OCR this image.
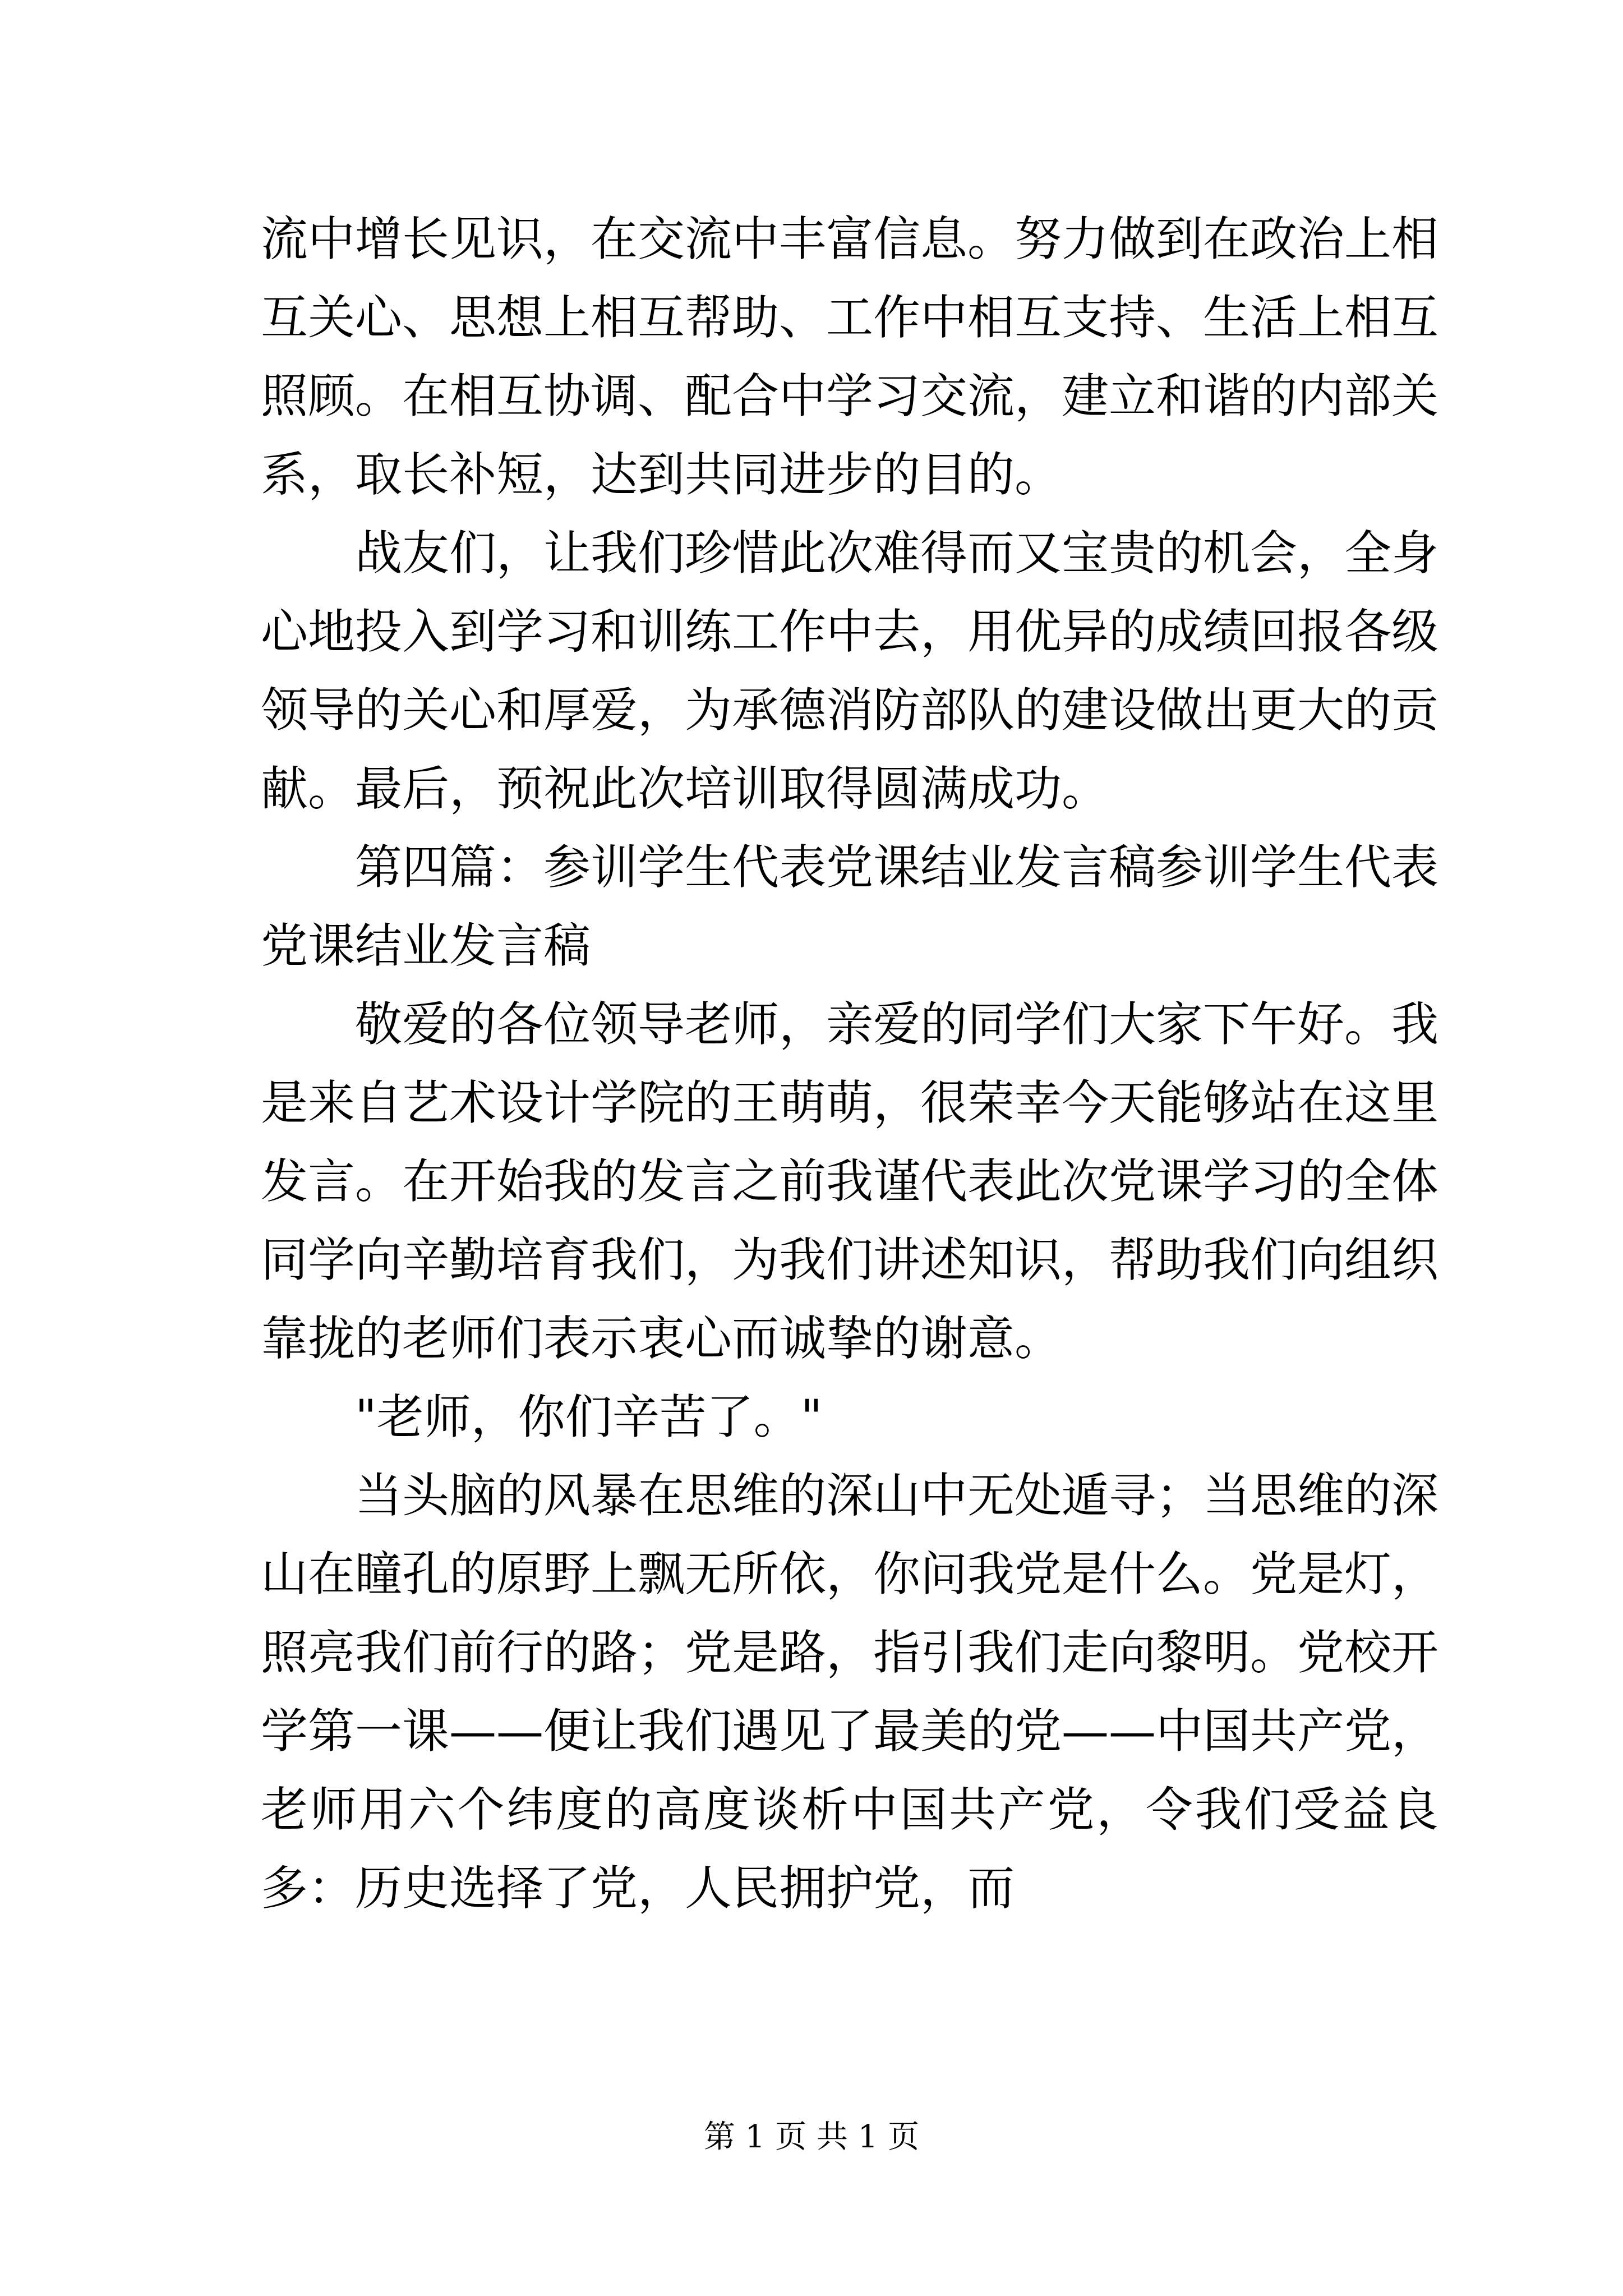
流中增长见识，在交流中丰富信息。努力做到在政治上相互关心、思想上相互帮助、工作中相互支持、生活上相互照顾。在相互协调、配合中学习交流，建立和谐的内部关系，取长补短，达到共同进步的目的。

战友们，让我们珍惜此次难得而又宝贵的机会，全身心地投入到学习和训练工作中去，用优异的成绩回报各级领导的关心和厚爱，为承德消防部队的建设做出更大的贡献。最后，预祝此次培训取得圆满成功。

第四篇：参训学生代表党课结业发言稿参训学生代表党课结业发言稿

敬爱的各位领导老师，亲爱的同学们大家下午好。我是来自艺术设计学院的王萌萌，很荣幸今天能够站在这里发言。在开始我的发言之前我谨代表此次党课学习的全体同学向辛勤培育我们，为我们讲述知识，帮助我们向组织靠拢的老师们表示衷心而诚挚的谢意。

"老师，你们辛苦了。"

当头脑的风暴在思维的深山中无处遁寻；当思维的深山在瞳孔的原野上飘无所依，你问我党是什么。党是灯，照亮我们前行的路；党是路，指引我们走向黎明。党校开学第一课——便让我们遇见了最美的党——中国共产党，老师用六个纬度的高度谈析中国共产党，令我们受益良多：历史选择了党，人民拥护党，而

第 1 页 共 1 页
